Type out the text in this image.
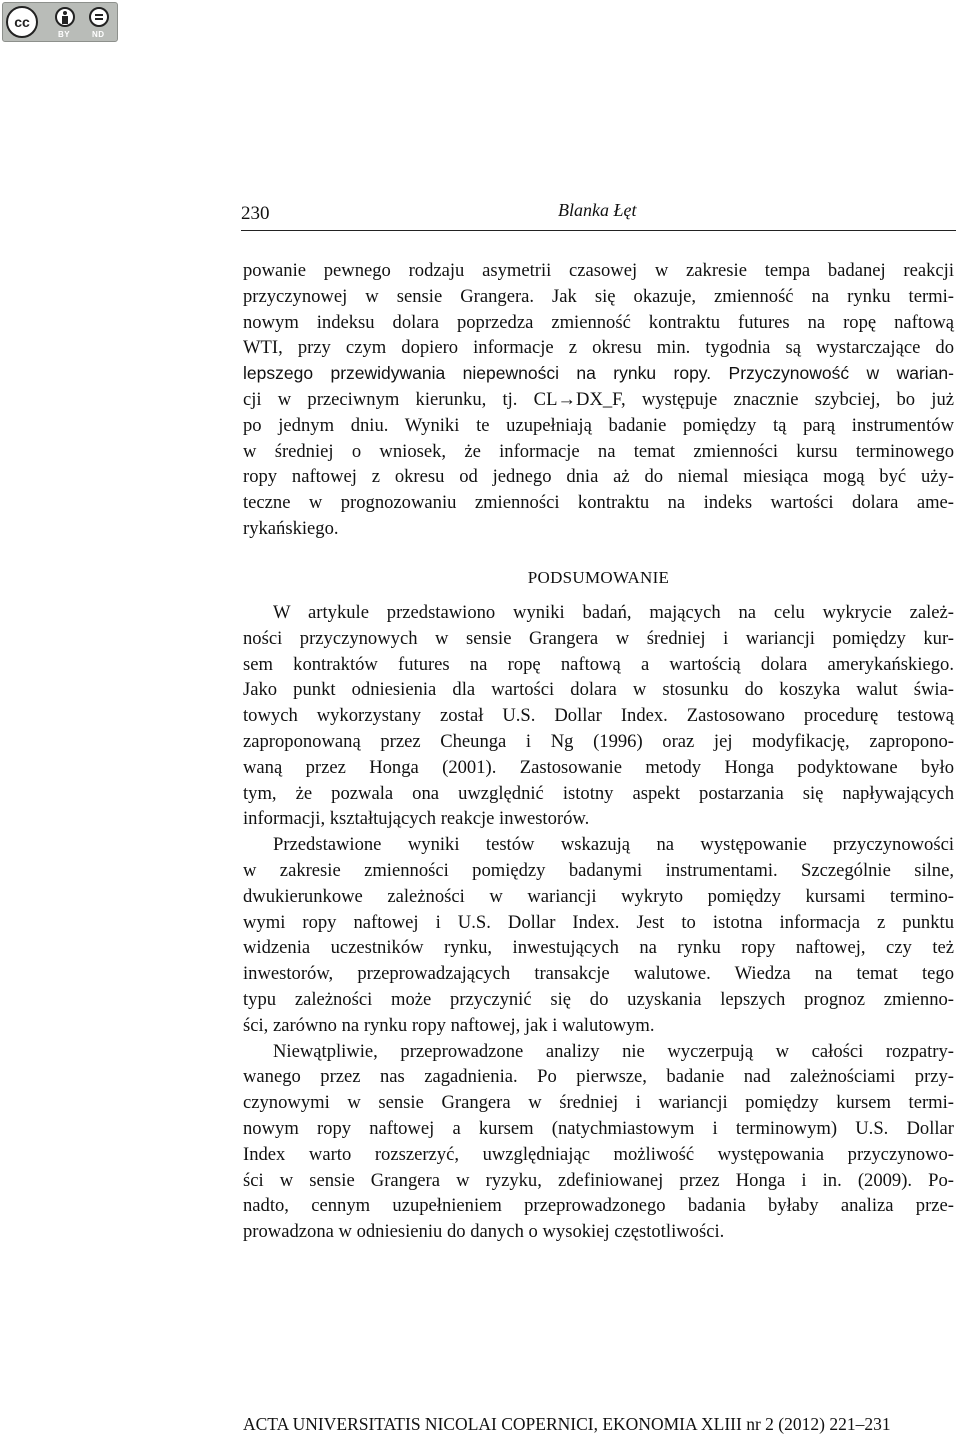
cc
BY	ND
230	Blanka Łęt
powanie pewnego rodzaju asymetrii czasowej w zakresie tempa badanej reakcji
przyczynowej w sensie Grangera. Jak się okazuje, zmienność na rynku termi-
nowym indeksu dolara poprzedza zmienność kontraktu futures na ropę naftową
WTI, przy czym dopiero informacje z okresu min. tygodnia są wystarczające do
lepszego przewidywania niepewności na rynku ropy. Przyczynowość w warian-
cji w przeciwnym kierunku, tj. CL→DX_F, występuje znacznie szybciej, bo już
po jednym dniu. Wyniki te uzupełniają badanie pomiędzy tą parą instrumentów
w średniej o wniosek, że informacje na temat zmienności kursu terminowego
ropy naftowej z okresu od jednego dnia aż do niemal miesiąca mogą być uży-
teczne w prognozowaniu zmienności kontraktu na indeks wartości dolara ame-
rykańskiego.
PODSUMOWANIE
W artykule przedstawiono wyniki badań, mających na celu wykrycie zależ-
ności przyczynowych w sensie Grangera w średniej i wariancji pomiędzy kur-
sem kontraktów futures na ropę naftową a wartością dolara amerykańskiego.
Jako punkt odniesienia dla wartości dolara w stosunku do koszyka walut świa-
towych wykorzystany został U.S. Dollar Index. Zastosowano procedurę testową
zaproponowaną przez Cheunga i Ng (1996) oraz jej modyfikację, zapropono-
waną przez Honga (2001). Zastosowanie metody Honga podyktowane było
tym, że pozwala ona uwzględnić istotny aspekt postarzania się napływających
informacji, kształtujących reakcje inwestorów.
Przedstawione wyniki testów wskazują na występowanie przyczynowości
w zakresie zmienności pomiędzy badanymi instrumentami. Szczególnie silne,
dwukierunkowe zależności w wariancji wykryto pomiędzy kursami termino-
wymi ropy naftowej i U.S. Dollar Index. Jest to istotna informacja z punktu
widzenia uczestników rynku, inwestujących na rynku ropy naftowej, czy też
inwestorów, przeprowadzających transakcje walutowe. Wiedza na temat tego
typu zależności może przyczynić się do uzyskania lepszych prognoz zmienno-
ści, zarówno na rynku ropy naftowej, jak i walutowym.
Niewątpliwie, przeprowadzone analizy nie wyczerpują w całości rozpatry-
wanego przez nas zagadnienia. Po pierwsze, badanie nad zależnościami przy-
czynowymi w sensie Grangera w średniej i wariancji pomiędzy kursem termi-
nowym ropy naftowej a kursem (natychmiastowym i terminowym) U.S. Dollar
Index warto rozszerzyć, uwzględniając możliwość występowania przyczynowo-
ści w sensie Grangera w ryzyku, zdefiniowanej przez Honga i in. (2009). Po-
nadto, cennym uzupełnieniem przeprowadzonego badania byłaby analiza prze-
prowadzona w odniesieniu do danych o wysokiej częstotliwości.
ACTA UNIVERSITATIS NICOLAI COPERNICI, EKONOMIA XLIII nr 2 (2012) 221–231
